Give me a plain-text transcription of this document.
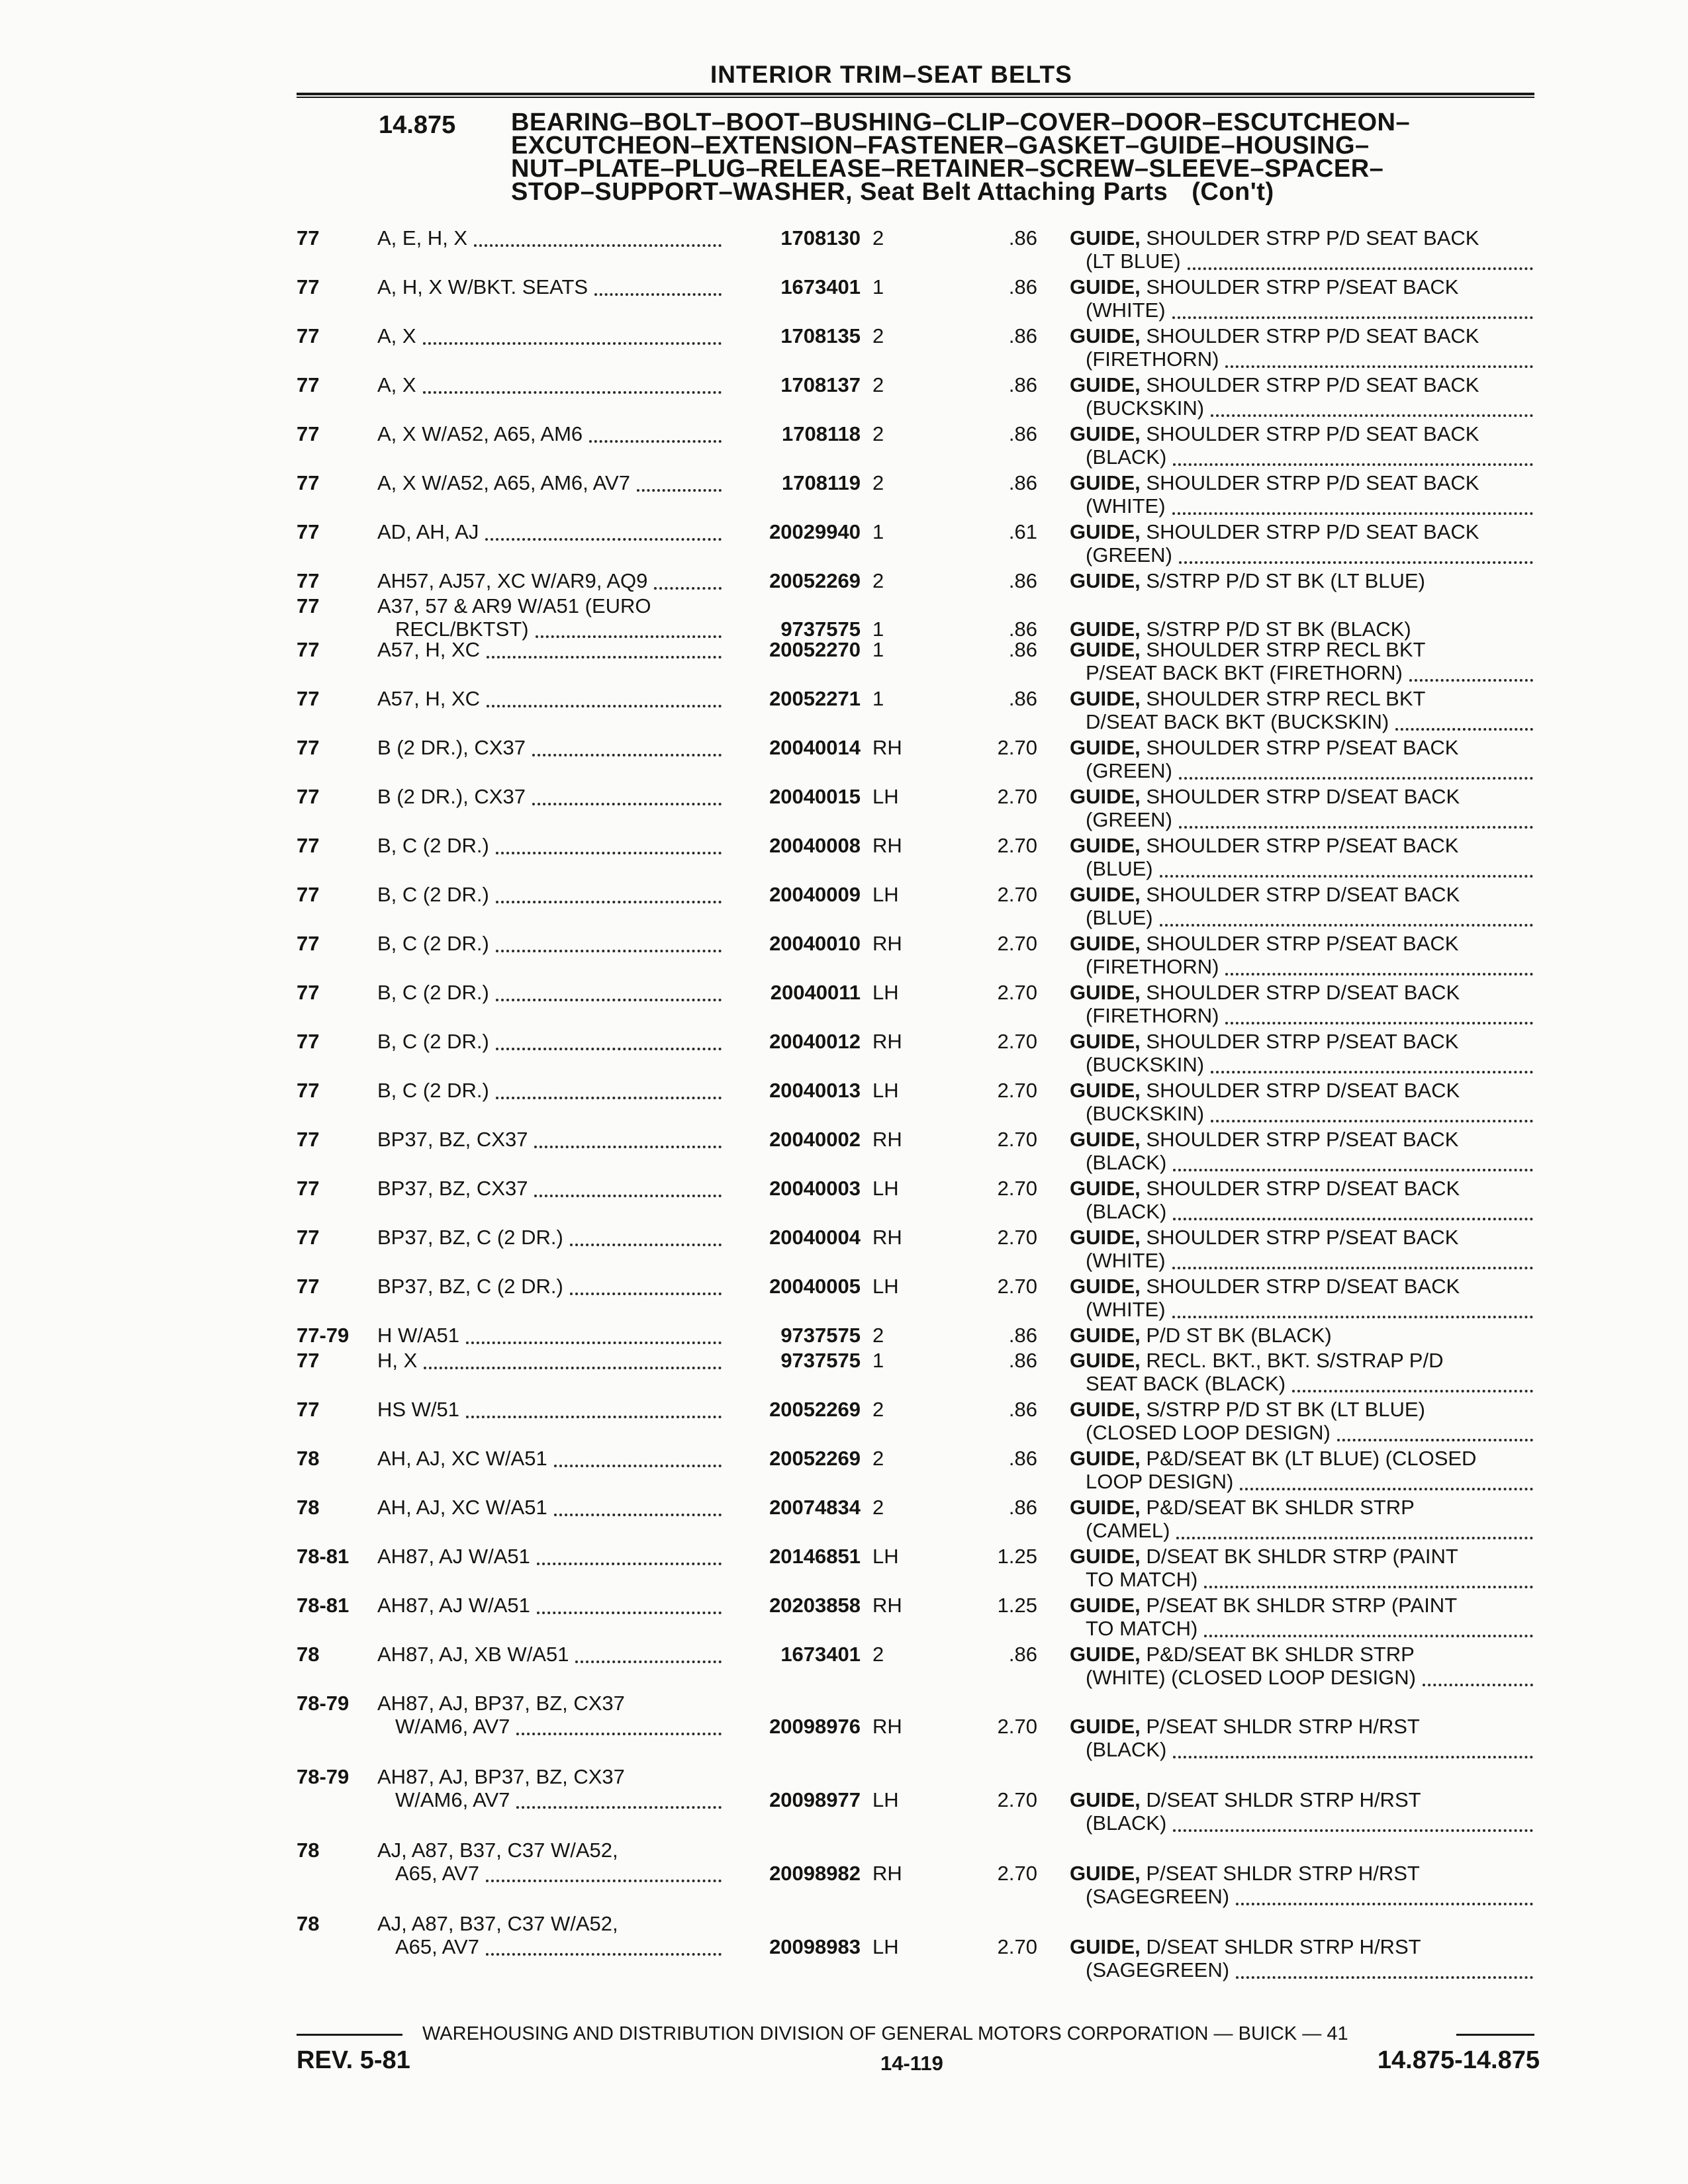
INTERIOR TRIM–SEAT BELTS
14.875 BEARING–BOLT–BOOT–BUSHING–CLIP–COVER–DOOR–ESCUTCHEON–
EXCUTCHEON–EXTENSION–FASTENER–GASKET–GUIDE–HOUSING–
NUT–PLATE–PLUG–RELEASE–RETAINER–SCREW–SLEEVE–SPACER–
STOP–SUPPORT–WASHER, Seat Belt Attaching Parts (Con't)
77	A, E, H, X	1708130 2	.86 GUIDE, SHOULDER STRP P/D SEAT BACK
(LT BLUE)
77	A, H, X W/BKT. SEATS	1673401 1	.86 GUIDE, SHOULDER STRP P/SEAT BACK
(WHITE)
77	A, X	1708135 2	.86 GUIDE, SHOULDER STRP P/D SEAT BACK
(FIRETHORN)
77	A, X	1708137 2	.86 GUIDE, SHOULDER STRP P/D SEAT BACK
(BUCKSKIN)
77	A, X W/A52, A65, AM6	1708118 2	.86 GUIDE, SHOULDER STRP P/D SEAT BACK
(BLACK)
77	A, X W/A52, A65, AM6, AV7	1708119 2	.86 GUIDE, SHOULDER STRP P/D SEAT BACK
(WHITE)
77	AD, AH, AJ	20029940 1	.61 GUIDE, SHOULDER STRP P/D SEAT BACK
(GREEN)
77	AH57, AJ57, XC W/AR9, AQ9	20052269 2	.86 GUIDE, S/STRP P/D ST BK (LT BLUE)
77	A37, 57 & AR9 W/A51 (EURO
RECL/BKTST)	9737575 1	.86 GUIDE, S/STRP P/D ST BK (BLACK)
77	A57, H, XC	20052270 1	.86 GUIDE, SHOULDER STRP RECL BKT
P/SEAT BACK BKT (FIRETHORN)
77	A57, H, XC	20052271 1	.86 GUIDE, SHOULDER STRP RECL BKT
D/SEAT BACK BKT (BUCKSKIN)
77	B (2 DR.), CX37	20040014 RH	2.70 GUIDE, SHOULDER STRP P/SEAT BACK
(GREEN)
77	B (2 DR.), CX37	20040015 LH	2.70 GUIDE, SHOULDER STRP D/SEAT BACK
(GREEN)
77	B, C (2 DR.)	20040008 RH	2.70 GUIDE, SHOULDER STRP P/SEAT BACK
(BLUE)
77	B, C (2 DR.)	20040009 LH	2.70 GUIDE, SHOULDER STRP D/SEAT BACK
(BLUE)
77	B, C (2 DR.)	20040010 RH	2.70 GUIDE, SHOULDER STRP P/SEAT BACK
(FIRETHORN)
77	B, C (2 DR.)	20040011 LH	2.70 GUIDE, SHOULDER STRP D/SEAT BACK
(FIRETHORN)
77	B, C (2 DR.)	20040012 RH	2.70 GUIDE, SHOULDER STRP P/SEAT BACK
(BUCKSKIN)
77	B, C (2 DR.)	20040013 LH	2.70 GUIDE, SHOULDER STRP D/SEAT BACK
(BUCKSKIN)
77	BP37, BZ, CX37	20040002 RH	2.70 GUIDE, SHOULDER STRP P/SEAT BACK
(BLACK)
77	BP37, BZ, CX37	20040003 LH	2.70 GUIDE, SHOULDER STRP D/SEAT BACK
(BLACK)
77	BP37, BZ, C (2 DR.)	20040004 RH	2.70 GUIDE, SHOULDER STRP P/SEAT BACK
(WHITE)
77	BP37, BZ, C (2 DR.)	20040005 LH	2.70 GUIDE, SHOULDER STRP D/SEAT BACK
(WHITE)
77-79 H W/A51	9737575 2	.86 GUIDE, P/D ST BK (BLACK)
77	H, X	9737575 1	.86 GUIDE, RECL. BKT., BKT. S/STRAP P/D
SEAT BACK (BLACK)
77	HS W/51	20052269 2	.86 GUIDE, S/STRP P/D ST BK (LT BLUE)
(CLOSED LOOP DESIGN)
78	AH, AJ, XC W/A51	20052269 2	.86 GUIDE, P&D/SEAT BK (LT BLUE) (CLOSED
LOOP DESIGN)
78	AH, AJ, XC W/A51	20074834 2	.86 GUIDE, P&D/SEAT BK SHLDR STRP
(CAMEL)
78-81 AH87, AJ W/A51	20146851 LH	1.25 GUIDE, D/SEAT BK SHLDR STRP (PAINT
TO MATCH)
78-81 AH87, AJ W/A51	20203858 RH	1.25 GUIDE, P/SEAT BK SHLDR STRP (PAINT
TO MATCH)
78	AH87, AJ, XB W/A51	1673401 2	.86 GUIDE, P&D/SEAT BK SHLDR STRP
(WHITE) (CLOSED LOOP DESIGN)
78-79 AH87, AJ, BP37, BZ, CX37
W/AM6, AV7	20098976 RH	2.70 GUIDE, P/SEAT SHLDR STRP H/RST
(BLACK)
78-79 AH87, AJ, BP37, BZ, CX37
W/AM6, AV7	20098977 LH	2.70 GUIDE, D/SEAT SHLDR STRP H/RST
(BLACK)
78	AJ, A87, B37, C37 W/A52,
A65, AV7	20098982 RH	2.70 GUIDE, P/SEAT SHLDR STRP H/RST
(SAGEGREEN)
78	AJ, A87, B37, C37 W/A52,
A65, AV7	20098983 LH	2.70 GUIDE, D/SEAT SHLDR STRP H/RST
(SAGEGREEN)
WAREHOUSING AND DISTRIBUTION DIVISION OF GENERAL MOTORS CORPORATION — BUICK — 41
REV. 5-81	14-119	14.875-14.875
